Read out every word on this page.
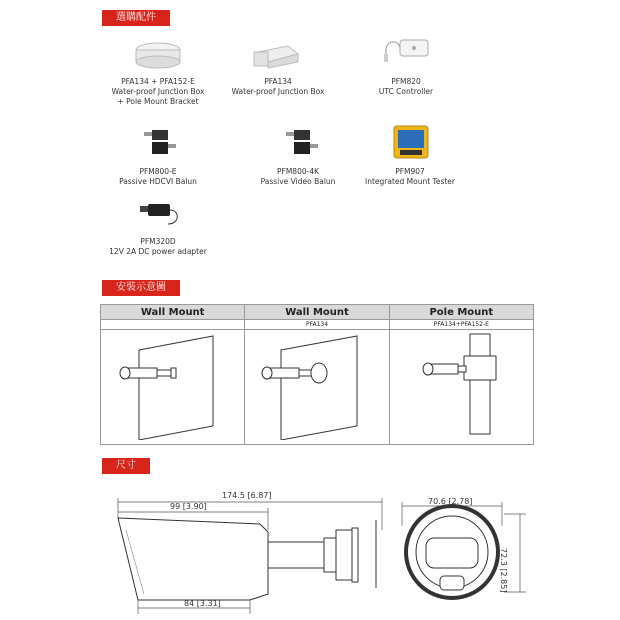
選購配件
PFA134 + PFA152-E
Water-proof Junction Box
+ Pole Mount Bracket
PFA134
Water-proof Junction Box
PFM820
UTC Controller
PFM800-E
Passive HDCVI Balun
PFM800-4K
Passive Video Balun
PFM907
Integrated Mount Tester
PFM320D
12V 2A DC power adapter
安裝示意圖
Wall Mount	Wall Mount	Pole Mount
	PFA134	PFA134+PFA152-E

尺寸
174.5 [6.87]
99 [3.90]
84 [3.31]
70.6 [2.78]
72.3 [2.85]
